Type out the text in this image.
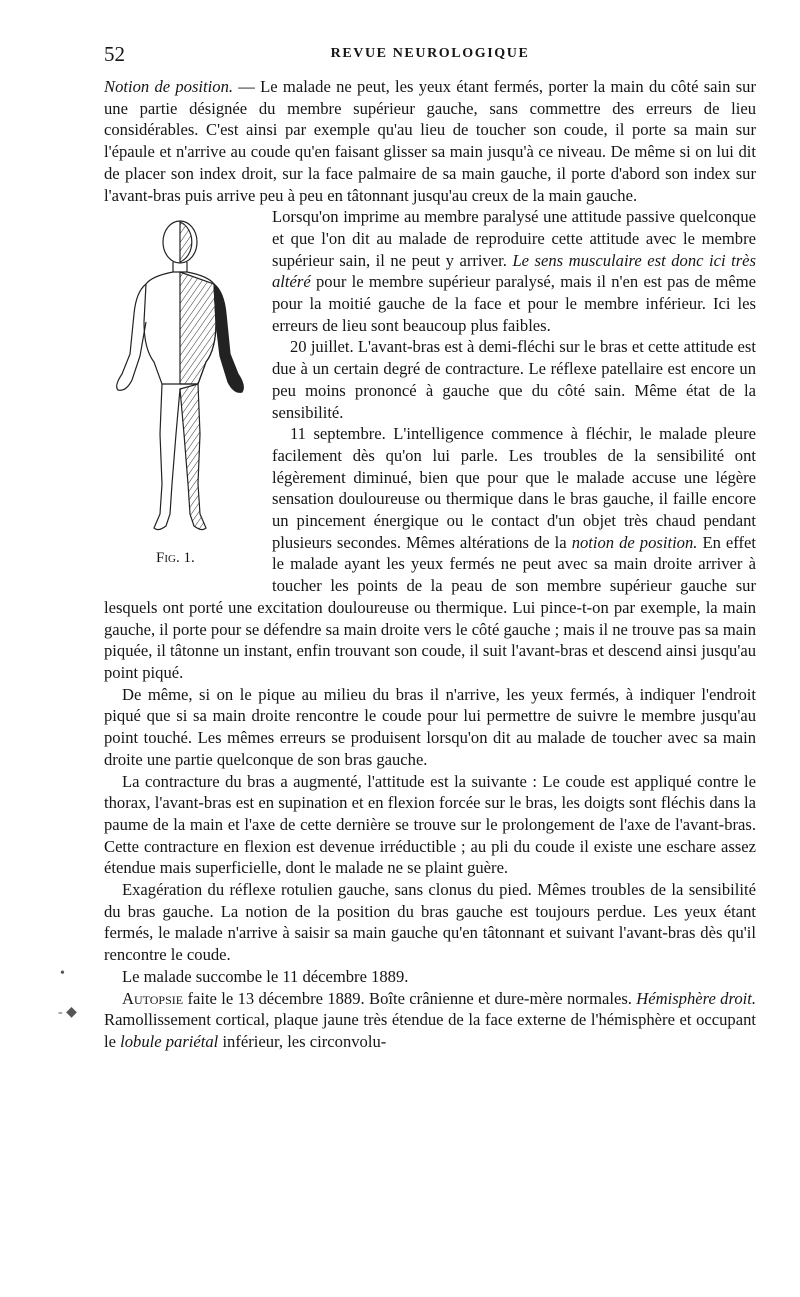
52	REVUE NEUROLOGIQUE
•
- ◆

Notion de position. — Le malade ne peut, les yeux étant fermés, porter la main du côté sain sur une partie désignée du membre supérieur gauche, sans commettre des erreurs de lieu considérables. C'est ainsi par exemple qu'au lieu de toucher son coude, il porte sa main sur l'épaule et n'arrive au coude qu'en faisant glisser sa main jusqu'à ce niveau. De même si on lui dit de placer son index droit, sur la face palmaire de sa main gauche, il porte d'abord son index sur l'avant-bras puis arrive peu à peu en tâtonnant jusqu'au creux de la main gauche.

Fig. 1.

Lorsqu'on imprime au membre paralysé une attitude passive quelconque et que l'on dit au malade de reproduire cette attitude avec le membre supérieur sain, il ne peut y arriver. Le sens musculaire est donc ici très altéré pour le membre supérieur paralysé, mais il n'en est pas de même pour la moitié gauche de la face et pour le membre inférieur. Ici les erreurs de lieu sont beaucoup plus faibles.

20 juillet. L'avant-bras est à demi-fléchi sur le bras et cette attitude est due à un certain degré de contracture. Le réflexe patellaire est encore un peu moins prononcé à gauche que du côté sain. Même état de la sensibilité.

11 septembre. L'intelligence commence à fléchir, le malade pleure facilement dès qu'on lui parle. Les troubles de la sensibilité ont légèrement diminué, bien que pour que le malade accuse une légère sensation douloureuse ou thermique dans le bras gauche, il faille encore un pincement énergique ou le contact d'un objet très chaud pendant plusieurs secondes. Mêmes altérations de la notion de position. En effet le malade ayant les yeux fermés ne peut avec sa main droite arriver à toucher les points de la peau de son membre supérieur gauche sur lesquels ont porté une excitation douloureuse ou thermique. Lui pince-t-on par exemple, la main gauche, il porte pour se défendre sa main droite vers le côté gauche ; mais il ne trouve pas sa main piquée, il tâtonne un instant, enfin trouvant son coude, il suit l'avant-bras et descend ainsi jusqu'au point piqué.

De même, si on le pique au milieu du bras il n'arrive, les yeux fermés, à indiquer l'endroit piqué que si sa main droite rencontre le coude pour lui permettre de suivre le membre jusqu'au point touché. Les mêmes erreurs se produisent lorsqu'on dit au malade de toucher avec sa main droite une partie quelconque de son bras gauche.

La contracture du bras a augmenté, l'attitude est la suivante : Le coude est appliqué contre le thorax, l'avant-bras est en supination et en flexion forcée sur le bras, les doigts sont fléchis dans la paume de la main et l'axe de cette dernière se trouve sur le prolongement de l'axe de l'avant-bras. Cette contracture en flexion est devenue irréductible ; au pli du coude il existe une eschare assez étendue mais superficielle, dont le malade ne se plaint guère.

Exagération du réflexe rotulien gauche, sans clonus du pied. Mêmes troubles de la sensibilité du bras gauche. La notion de la position du bras gauche est toujours perdue. Les yeux étant fermés, le malade n'arrive à saisir sa main gauche qu'en tâtonnant et suivant l'avant-bras dès qu'il rencontre le coude.

Le malade succombe le 11 décembre 1889.

Autopsie faite le 13 décembre 1889. Boîte crânienne et dure-mère normales. Hémisphère droit. Ramollissement cortical, plaque jaune très étendue de la face externe de l'hémisphère et occupant le lobule pariétal inférieur, les circonvolu-
